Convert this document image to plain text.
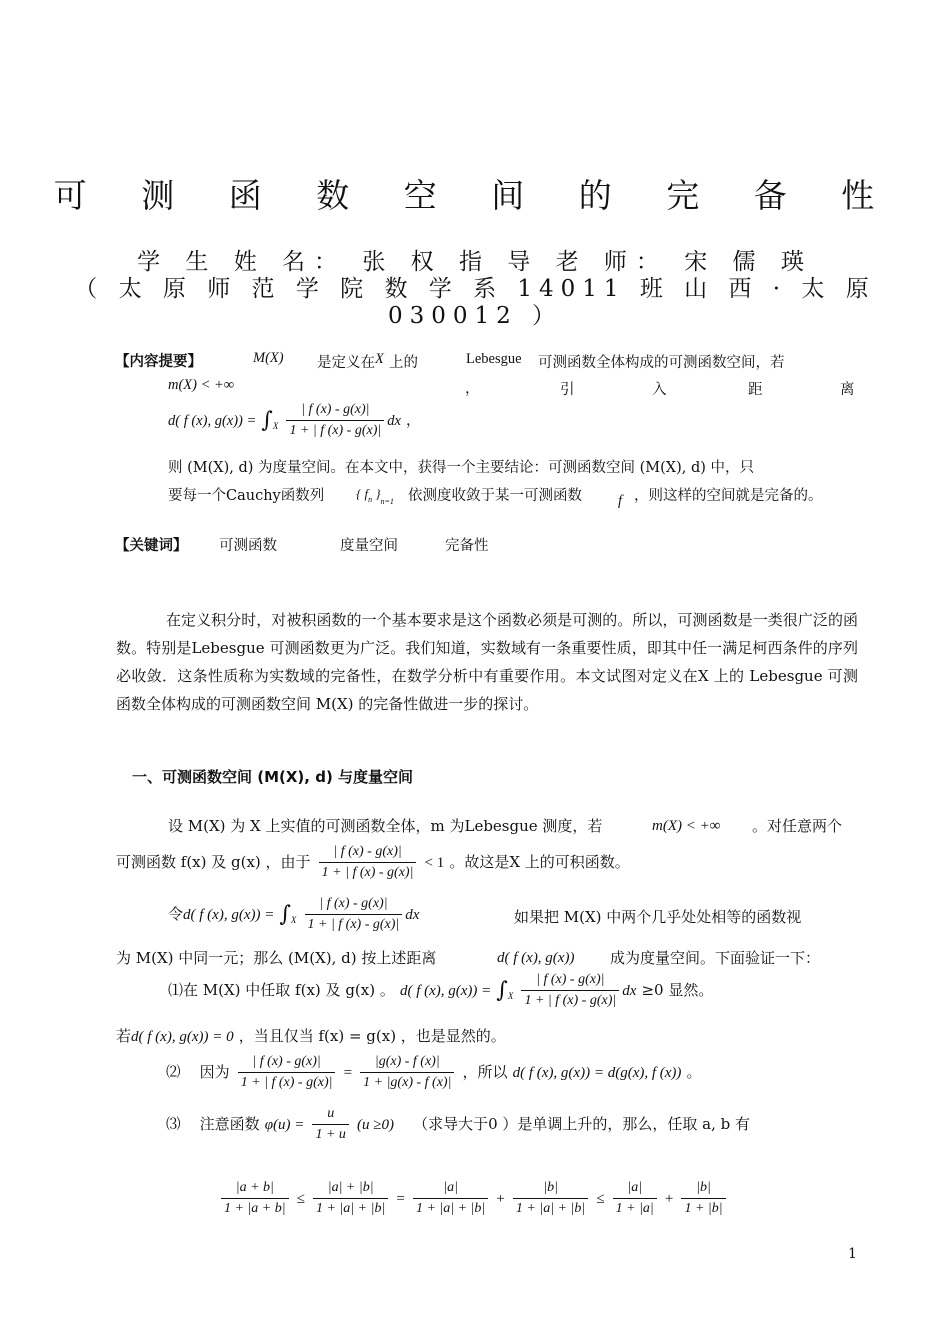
可 测 函 数 空 间 的 完 备 性
学 生 姓 名： 张 权 指 导 老 师： 宋 儒 瑛
（ 太 原 师 范 学 院 数 学 系 14011 班 山 西 · 太 原
030012 ）
【内容提要】	M(X) 是定义在 X 上的	Lebesgue 可测函数全体构成的可测函数空间，若
m(X) < +∞	，	引	入	距	离
d( f (x), $g(x)) = \int_X \frac{| f (x) - g(x)|}{1 + | f (x) - g(x)|}$ dx ，
则 (M(X), d) 为度量空间。在本文中，获得一个主要结论：可测函数空间 (M(X), d) 中，只
要每一个Cauchy函数列 { $f_n$ }$_{n=1}$ 依测度收敛于某一可测函数 f ，则这样的空间就是完备的。
【关键词】 可测函数	度量空间	完备性
在定义积分时，对被积函数的一个基本要求是这个函数必须是可测的。所以，可测函数是一类很广泛的函数。特别是Lebesgue 可测函数更为广泛。我们知道，实数域有一条重要性质，即其中任一满足柯西条件的序列必收敛．这条性质称为实数域的完备性，在数学分析中有重要作用。本文试图对定义在X 上的 Lebesgue 可测函数全体构成的可测函数空间 M(X) 的完备性做进一步的探讨。
一、可测函数空间 (M(X), d) 与度量空间
设 M(X) 为 X 上实值的可测函数全体，m 为Lebesgue 测度，若	m(X) < +∞ 。对任意两个
可测函数 f(x) 及 g(x) ，由于 $\frac{| f (x) - g(x)|}{1 + | f (x) - g(x)|} < 1$ 。故这是X 上的可积函数。
令d( f (x), $g(x)) = \int_X \frac{| f (x) - g(x)|}{1 + | f (x) - g(x)|}$ dx	如果把 M(X) 中两个几乎处处相等的函数视
为 M(X) 中同一元；那么 (M(X), d) 按上述距离	d( f (x), g(x)) 成为度量空间。下面验证一下：
⑴在 M(X) 中任取 f(x) 及 g(x) 。 d( f (x), $g(x)) = \int_X \frac{| f (x) - g(x)|}{1 + | f (x) - g(x)|}$ dx ≥0 显然。
若d( f (x), g(x)) = 0 ，当且仅当 f(x) = g(x) ，也是显然的。
⑵ 因为 $\frac{| f (x) - g(x)|}{1 + | f (x) - g(x)|} = \frac{|g(x) - f (x)|}{1 + |g(x) - f (x)|}$ ，所以 d( f (x), g(x)) = d(g(x), f (x)) 。
⑶ 注意函数 $\varphi(u) = \frac{u}{1 + u} (u \ge 0)$ （求导大于0 ）是单调上升的，那么，任取 a, b 有
$\frac{|a + b|}{1 + |a + b|} \le \frac{|a| + |b|}{1 + |a| + |b|} = \frac{|a|}{1 + |a| + |b|} + \frac{|b|}{1 + |a| + |b|} \le \frac{|a|}{1 + |a|} + \frac{|b|}{1 + |b|}$
1
